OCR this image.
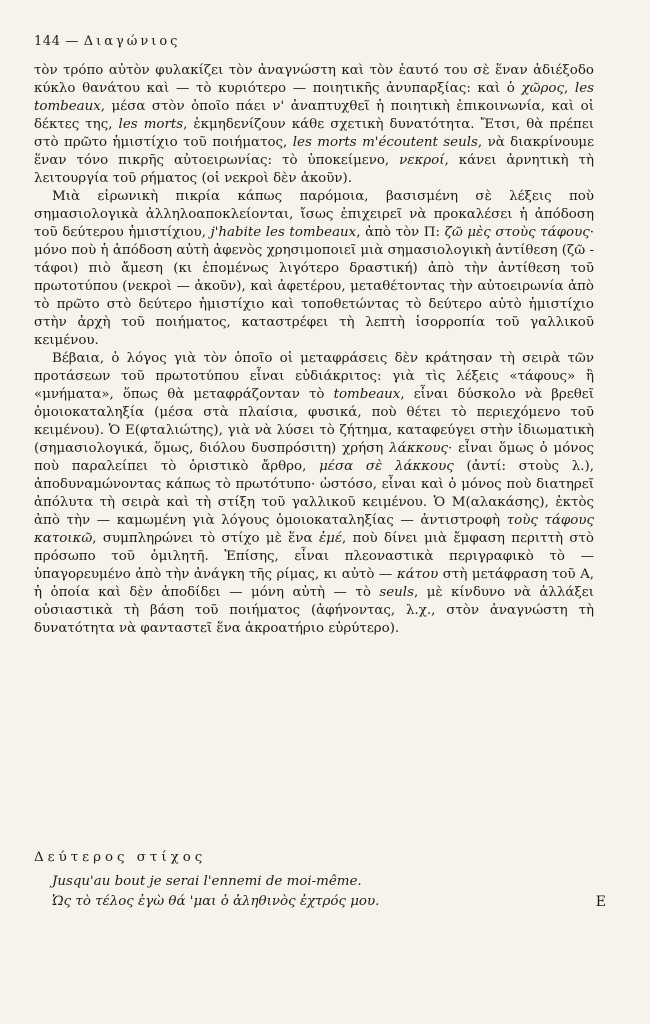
144 — Διαγώνιος

τὸν τρόπο αὐτὸν φυλακίζει τὸν ἀναγνώστη καὶ τὸν ἑαυτό του σὲ ἕναν ἀδιέξοδο κύκλο θανάτου καὶ — τὸ κυριότερο — ποιητικῆς ἀνυπαρξίας: καὶ ὁ χῶρος, les tombeaux, μέσα στὸν ὁποῖο πάει ν' ἀναπτυχθεῖ ἡ ποιητικὴ ἐπικοινωνία, καὶ οἱ δέκτες της, les morts, ἐκμηδενίζουν κάθε σχετικὴ δυνατότητα. Ἔτσι, θὰ πρέπει στὸ πρῶτο ἡμιστίχιο τοῦ ποιήματος, les morts m'écoutent seuls, νὰ διακρίνουμε ἕναν τόνο πικρῆς αὐτοειρωνίας: τὸ ὑποκείμενο, νεκροί, κάνει ἀρνητικὴ τὴ λειτουργία τοῦ ρήματος (οἱ νεκροὶ δὲν ἀκοῦν).

Μιὰ εἰρωνικὴ πικρία κάπως παρόμοια, βασισμένη σὲ λέξεις ποὺ σημασιολογικὰ ἀλληλοαποκλείονται, ἴσως ἐπιχειρεῖ νὰ προκαλέσει ἡ ἀπόδοση τοῦ δεύτερου ἡμιστίχιου, j'habite les tombeaux, ἀπὸ τὸν Π: ζῶ μὲς στοὺς τάφους· μόνο ποὺ ἡ ἀπόδοση αὐτὴ ἀφενὸς χρησιμοποιεῖ μιὰ σημασιολογικὴ ἀντίθεση (ζῶ - τάφοι) πιὸ ἄμεση (κι ἑπομένως λιγότερο δραστική) ἀπὸ τὴν ἀντίθεση τοῦ πρωτοτύπου (νεκροὶ — ἀκοῦν), καὶ ἀφετέρου, μεταθέτοντας τὴν αὐτοειρωνία ἀπὸ τὸ πρῶτο στὸ δεύτερο ἡμιστίχιο καὶ τοποθετώντας τὸ δεύτερο αὐτὸ ἡμιστίχιο στὴν ἀρχὴ τοῦ ποιήματος, καταστρέφει τὴ λεπτὴ ἰσορροπία τοῦ γαλλικοῦ κειμένου.

Βέβαια, ὁ λόγος γιὰ τὸν ὁποῖο οἱ μεταφράσεις δὲν κράτησαν τὴ σειρὰ τῶν προτάσεων τοῦ πρωτοτύπου εἶναι εὐδιάκριτος: γιὰ τὶς λέξεις «τάφους» ἢ «μνήματα», ὅπως θὰ μεταφράζονταν τὸ tombeaux, εἶναι δύσκολο νὰ βρεθεῖ ὁμοιοκαταληξία (μέσα στὰ πλαίσια, φυσικά, ποὺ θέτει τὸ περιεχόμενο τοῦ κειμένου). Ὁ Ε(φταλιώτης), γιὰ νὰ λύσει τὸ ζήτημα, καταφεύγει στὴν ἰδιωματικὴ (σημασιολογικά, ὅμως, διόλου δυσπρόσιτη) χρήση λάκκους· εἶναι ὅμως ὁ μόνος ποὺ παραλείπει τὸ ὁριστικὸ ἄρθρο, μέσα σὲ λάκκους (ἀντί: στοὺς λ.), ἀποδυναμώνοντας κάπως τὸ πρωτότυπο· ὡστόσο, εἶναι καὶ ὁ μόνος ποὺ διατηρεῖ ἀπόλυτα τὴ σειρὰ καὶ τὴ στίξη τοῦ γαλλικοῦ κειμένου. Ὁ Μ(αλακάσης), ἐκτὸς ἀπὸ τὴν — καμωμένη γιὰ λόγους ὁμοιοκαταληξίας — ἀντιστροφὴ τοὺς τάφους κατοικῶ, συμπληρώνει τὸ στίχο μὲ ἕνα ἐμέ, ποὺ δίνει μιὰ ἔμφαση περιττὴ στὸ πρόσωπο τοῦ ὁμιλητῆ. Ἐπίσης, εἶναι πλεοναστικὰ περιγραφικὸ τὸ — ὑπαγορευμένο ἀπὸ τὴν ἀνάγκη τῆς ρίμας, κι αὐτὸ — κάτου στὴ μετάφραση τοῦ Α, ἡ ὁποία καὶ δὲν ἀποδίδει — μόνη αὐτὴ — τὸ seuls, μὲ κίνδυνο νὰ ἀλλάξει οὐσιαστικὰ τὴ βάση τοῦ ποιήματος (ἀφήνοντας, λ.χ., στὸν ἀναγνώστη τὴ δυνατότητα νὰ φανταστεῖ ἕνα ἀκροατήριο εὐρύτερο).

Δεύτερος στίχος
Jusqu'au bout je serai l'ennemi de moi-même.
Ὡς τὸ τέλος ἐγὼ θά 'μαι ὁ ἀληθινὸς ἐχτρός μου.	Ε
